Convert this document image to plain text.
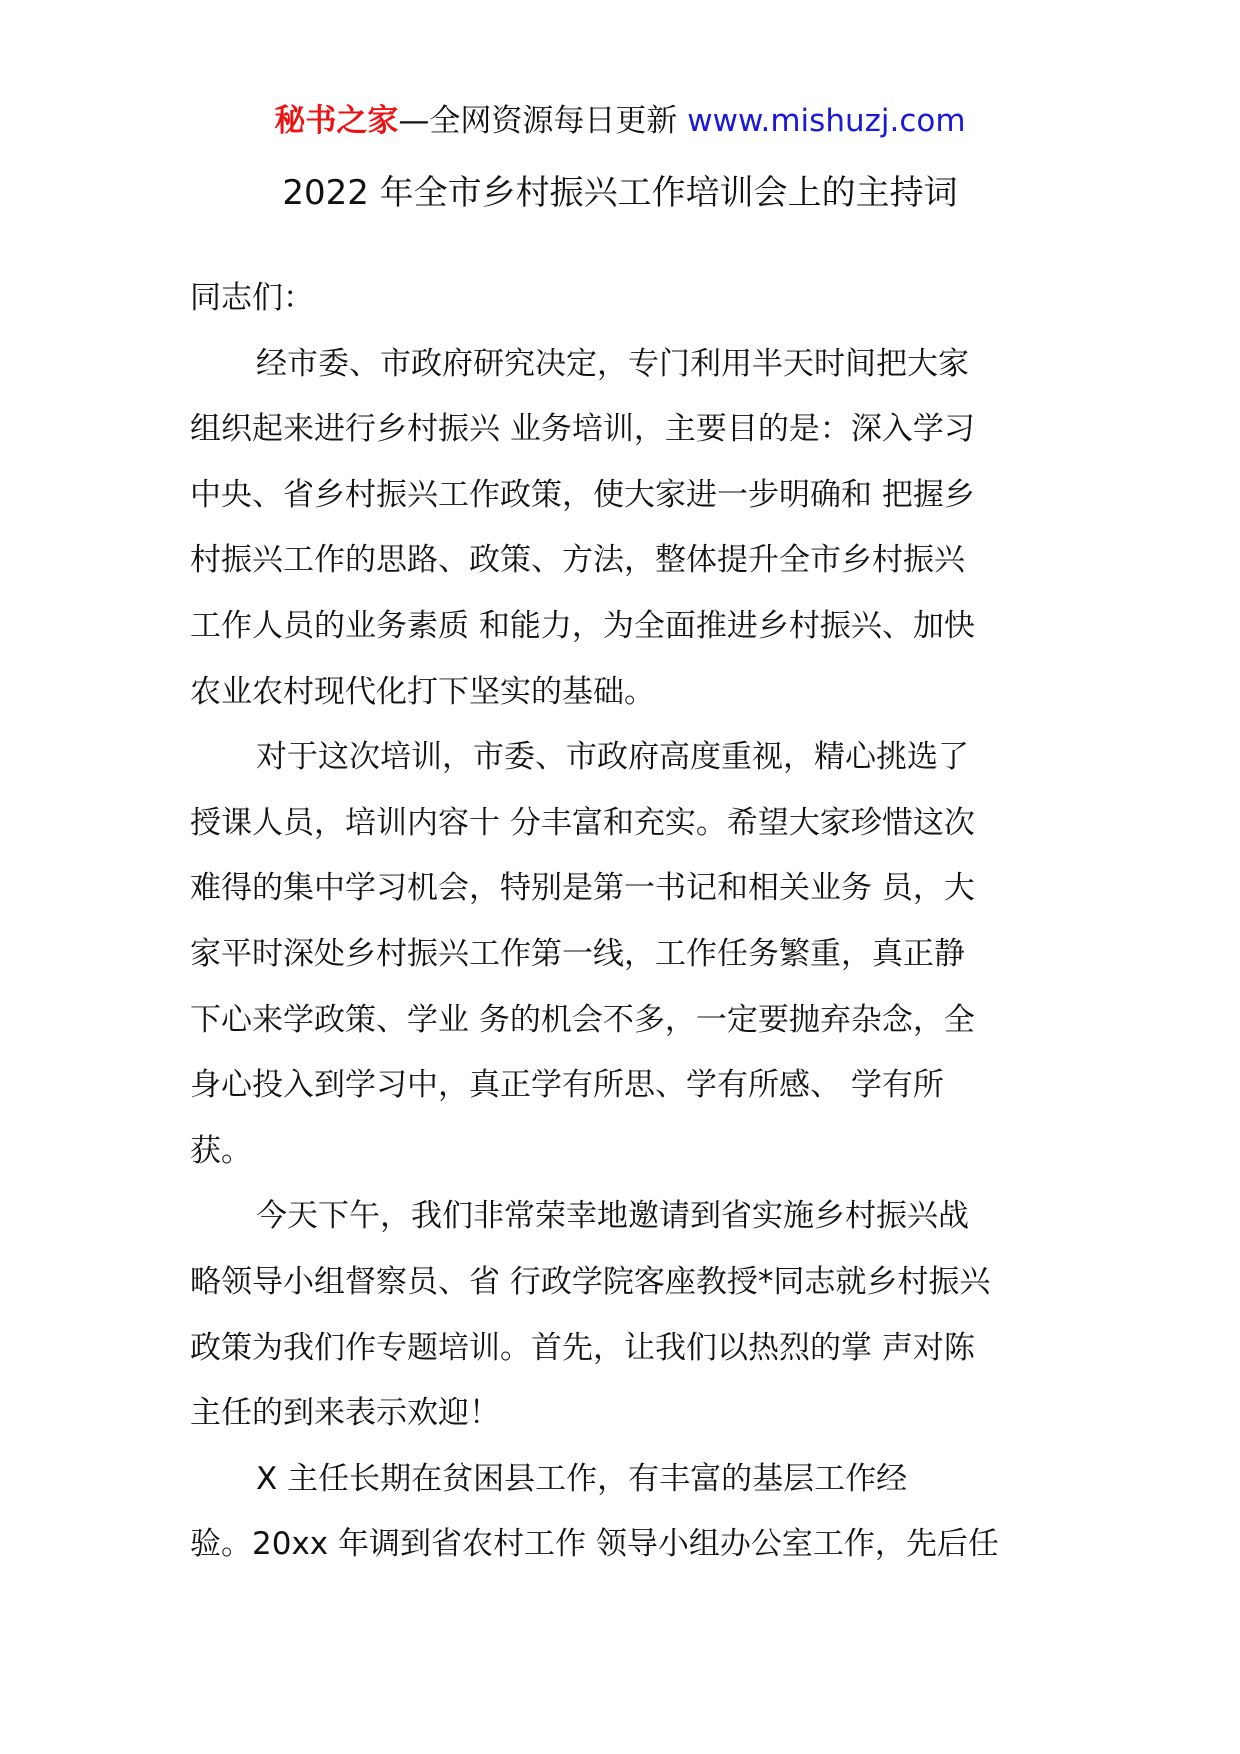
秘书之家—全网资源每日更新 www.mishuzj.com
2022 年全市乡村振兴工作培训会上的主持词
同志们：
经市委、市政府研究决定，专门利用半天时间把大家
组织起来进行乡村振兴 业务培训，主要目的是：深入学习
中央、省乡村振兴工作政策，使大家进一步明确和 把握乡
村振兴工作的思路、政策、方法，整体提升全市乡村振兴
工作人员的业务素质 和能力，为全面推进乡村振兴、加快
农业农村现代化打下坚实的基础。
对于这次培训，市委、市政府高度重视，精心挑选了
授课人员，培训内容十 分丰富和充实。希望大家珍惜这次
难得的集中学习机会，特别是第一书记和相关业务 员，大
家平时深处乡村振兴工作第一线，工作任务繁重，真正静
下心来学政策、学业 务的机会不多，一定要抛弃杂念，全
身心投入到学习中，真正学有所思、学有所感、 学有所
获。
今天下午，我们非常荣幸地邀请到省实施乡村振兴战
略领导小组督察员、省 行政学院客座教授*同志就乡村振兴
政策为我们作专题培训。首先，让我们以热烈的掌 声对陈
主任的到来表示欢迎！
X 主任长期在贫困县工作，有丰富的基层工作经
验。20xx 年调到省农村工作 领导小组办公室工作，先后任
